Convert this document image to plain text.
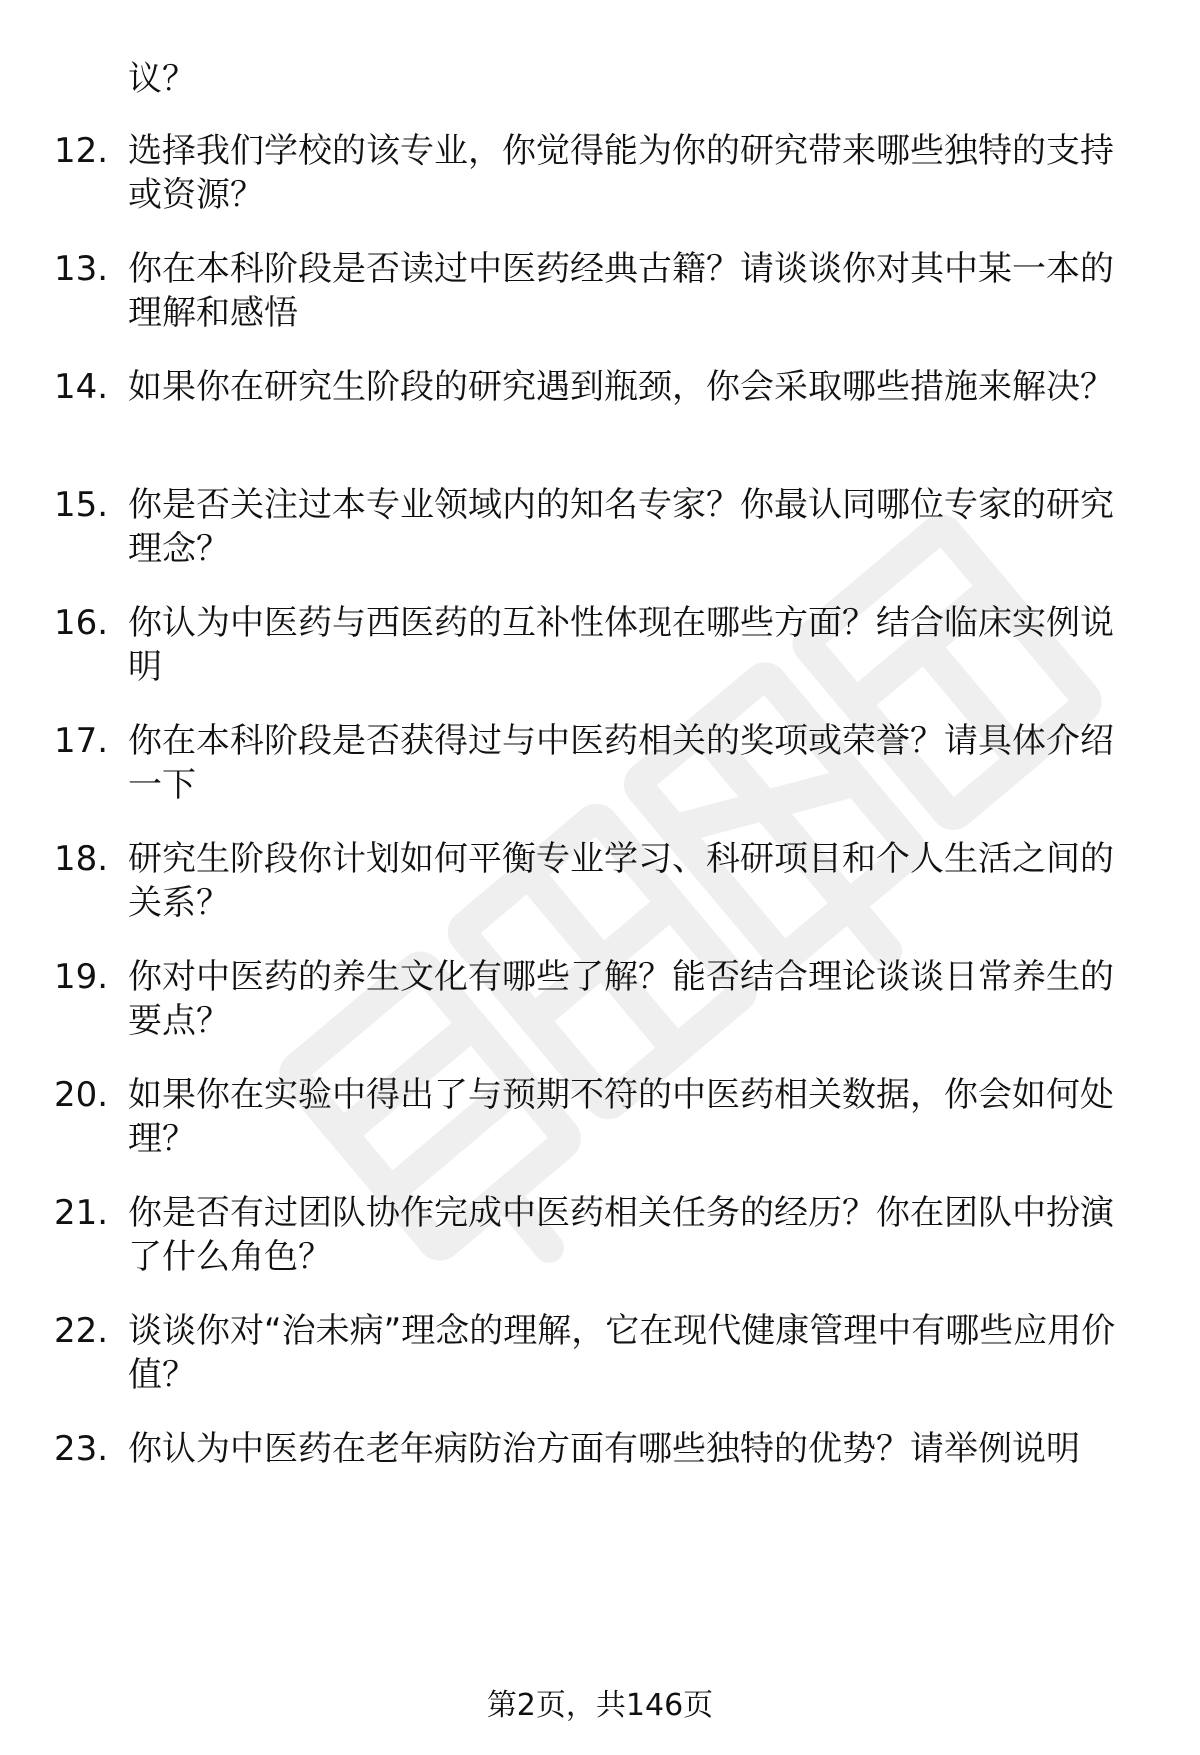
议？

12. 选择我们学校的该专业，你觉得能为你的研究带来哪些独特的支持或资源？

13. 你在本科阶段是否读过中医药经典古籍？请谈谈你对其中某一本的理解和感悟

14. 如果你在研究生阶段的研究遇到瓶颈，你会采取哪些措施来解决？

15. 你是否关注过本专业领域内的知名专家？你最认同哪位专家的研究理念？

16. 你认为中医药与西医药的互补性体现在哪些方面？结合临床实例说明

17. 你在本科阶段是否获得过与中医药相关的奖项或荣誉？请具体介绍一下

18. 研究生阶段你计划如何平衡专业学习、科研项目和个人生活之间的关系？

19. 你对中医药的养生文化有哪些了解？能否结合理论谈谈日常养生的要点？

20. 如果你在实验中得出了与预期不符的中医药相关数据，你会如何处理？

21. 你是否有过团队协作完成中医药相关任务的经历？你在团队中扮演了什么角色？

22. 谈谈你对“治未病”理念的理解，它在现代健康管理中有哪些应用价值？

23. 你认为中医药在老年病防治方面有哪些独特的优势？请举例说明

第2页，共146页
